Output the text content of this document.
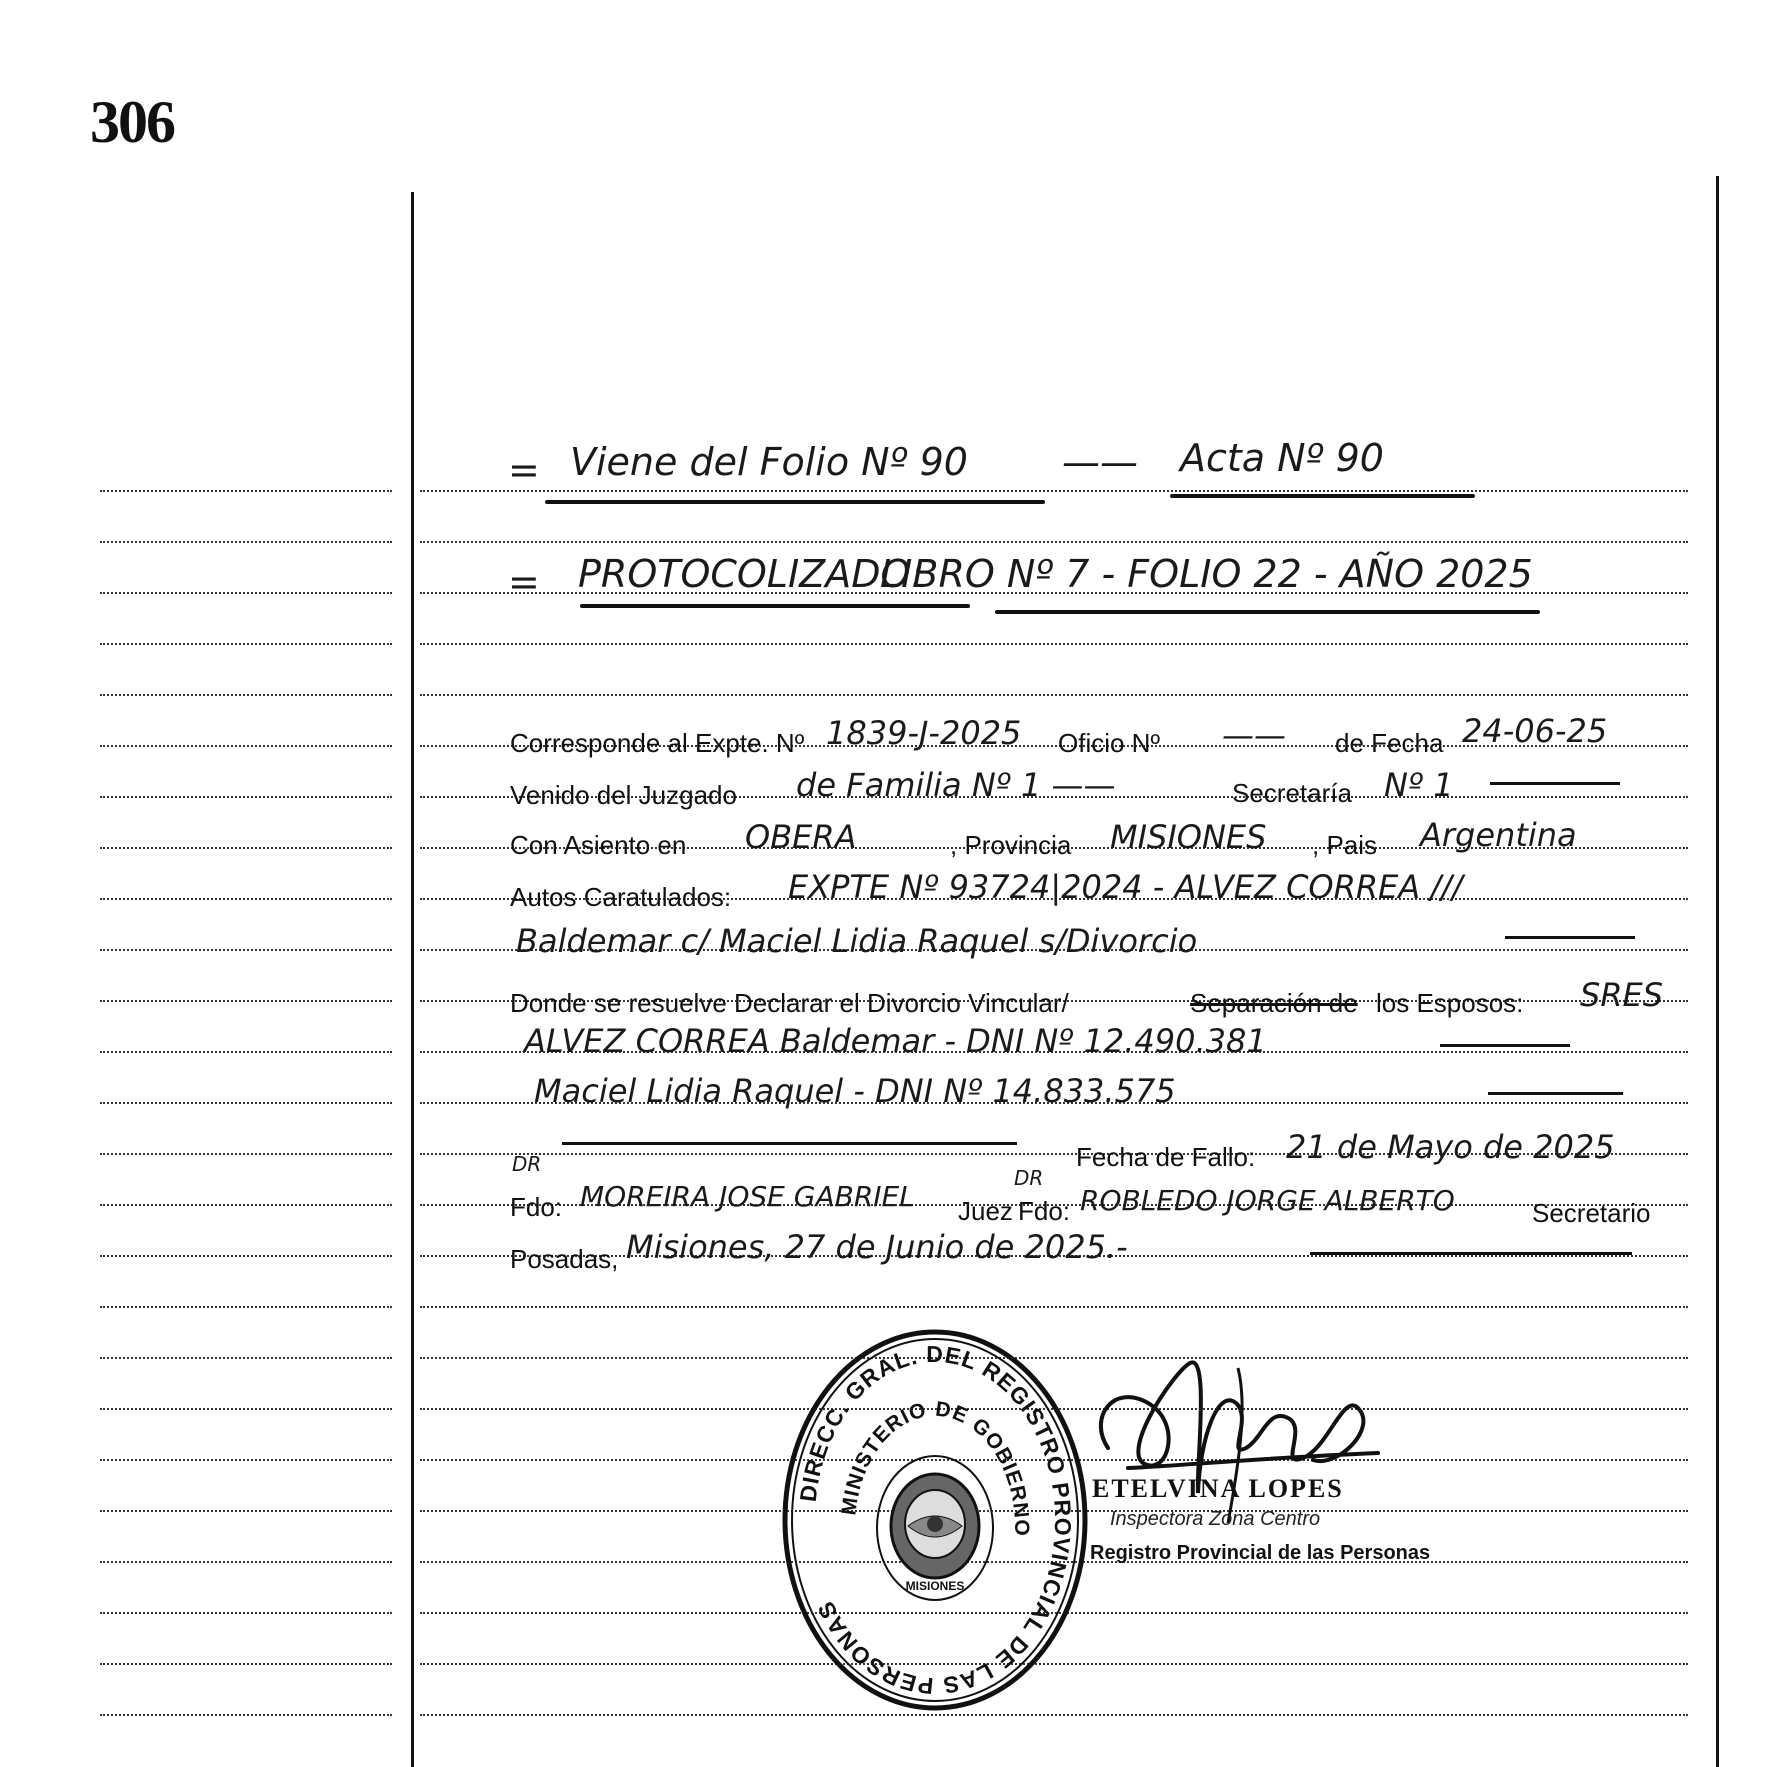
306
= Viene del Folio Nº 90 —— Acta Nº 90
= PROTOCOLIZADO:
LIBRO Nº 7 - FOLIO 22 - AÑO 2025
Corresponde al Expte. Nº 1839-J-2025 Oficio Nº —— de Fecha 24-06-25
Venido del Juzgado de Familia Nº 1 ——	Secretaría Nº 1
Con Asiento en OBERA	, Provincia MISIONES , Pais Argentina
Autos Caratulados: EXPTE Nº 93724|2024 - ALVEZ CORREA ///
Baldemar c/ Maciel Lidia Raquel s/Divorcio
Donde se resuelve Declarar el Divorcio Vincular/	Separación de los Esposos: SRES
ALVEZ CORREA Baldemar - DNI Nº 12.490.381
Maciel Lidia Raquel - DNI Nº 14.833.575
Fecha de Fallo: 21 de Mayo de 2025
DR
Fdo: MOREIRA JOSE GABRIEL Juez
DR
Fdo: ROBLEDO JORGE ALBERTO	Secretario
Posadas, Misiones, 27 de Junio de 2025.-
DIRECC. GRAL. DEL REGISTRO PROVINCIAL DE LAS PERSONAS
MINISTERIO DE GOBIERNO
MISIONES
ETELVINA LOPES
Inspectora Zona Centro
Registro Provincial de las Personas
